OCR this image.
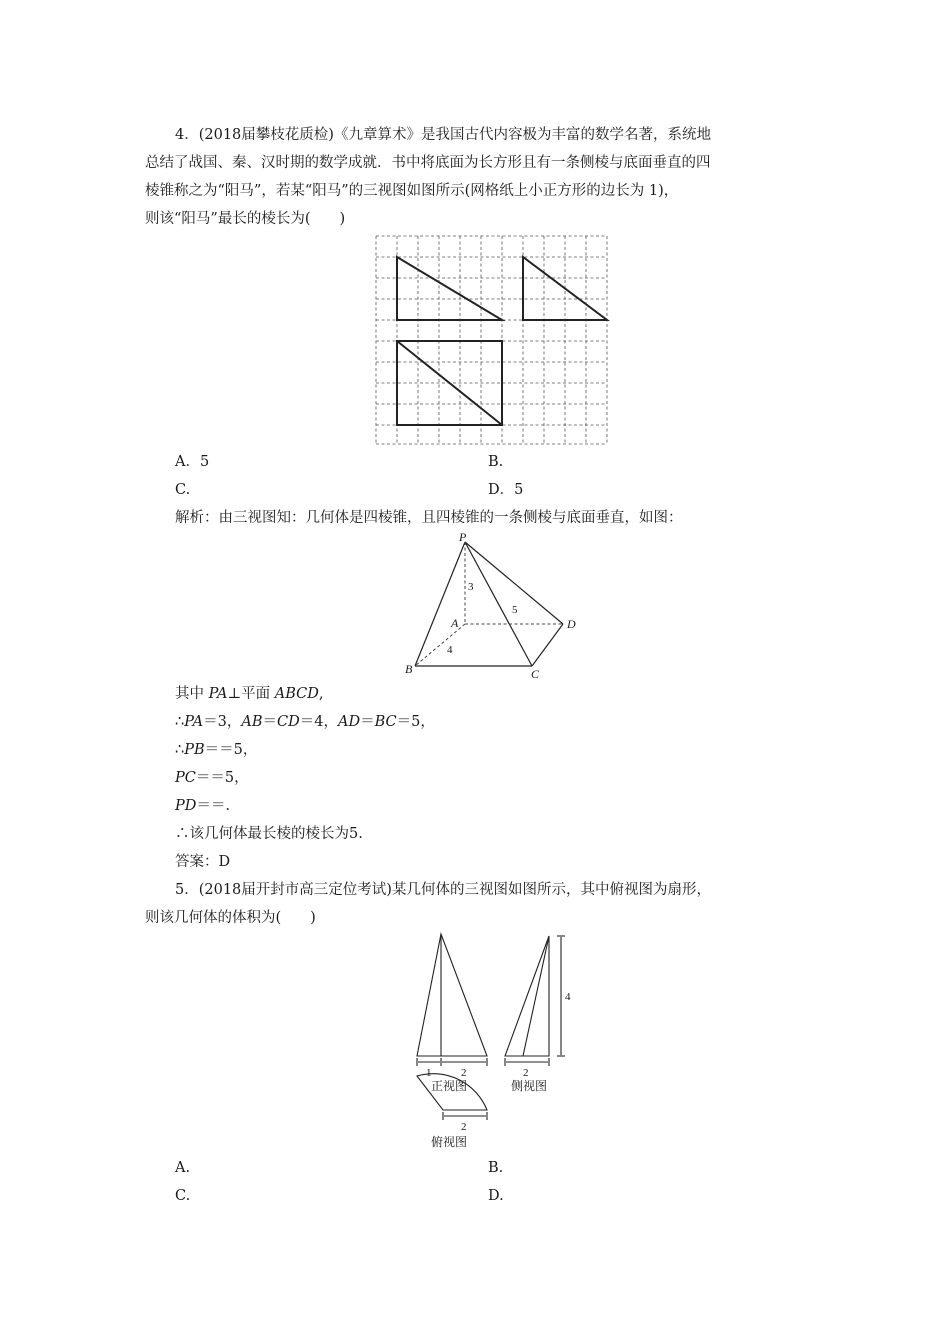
4．(2018届攀枝花质检)《九章算术》是我国古代内容极为丰富的数学名著，系统地
总结了战国、秦、汉时期的数学成就．书中将底面为长方形且有一条侧棱与底面垂直的四
棱锥称之为“阳马”，若某“阳马”的三视图如图所示(网格纸上小正方形的边长为 1)，
则该“阳马”最长的棱长为(　　)
A．5	B.
C.	D．5
解析：由三视图知：几何体是四棱锥，且四棱锥的一条侧棱与底面垂直，如图：
P
A
B	C
D
3
4
5
其中 PA⊥平面 ABCD,
∴PA＝3，AB＝CD＝4，AD＝BC＝5，
∴PB＝＝5，
PC＝＝5，
PD＝＝.
∴该几何体最长棱的棱长为5.
答案：D
5．(2018届开封市高三定位考试)某几何体的三视图如图所示，其中俯视图为扇形，
则该几何体的体积为(　　)
1	2	2
4
正视图	侧视图
2
俯视图
A.	B.
C.	D.
